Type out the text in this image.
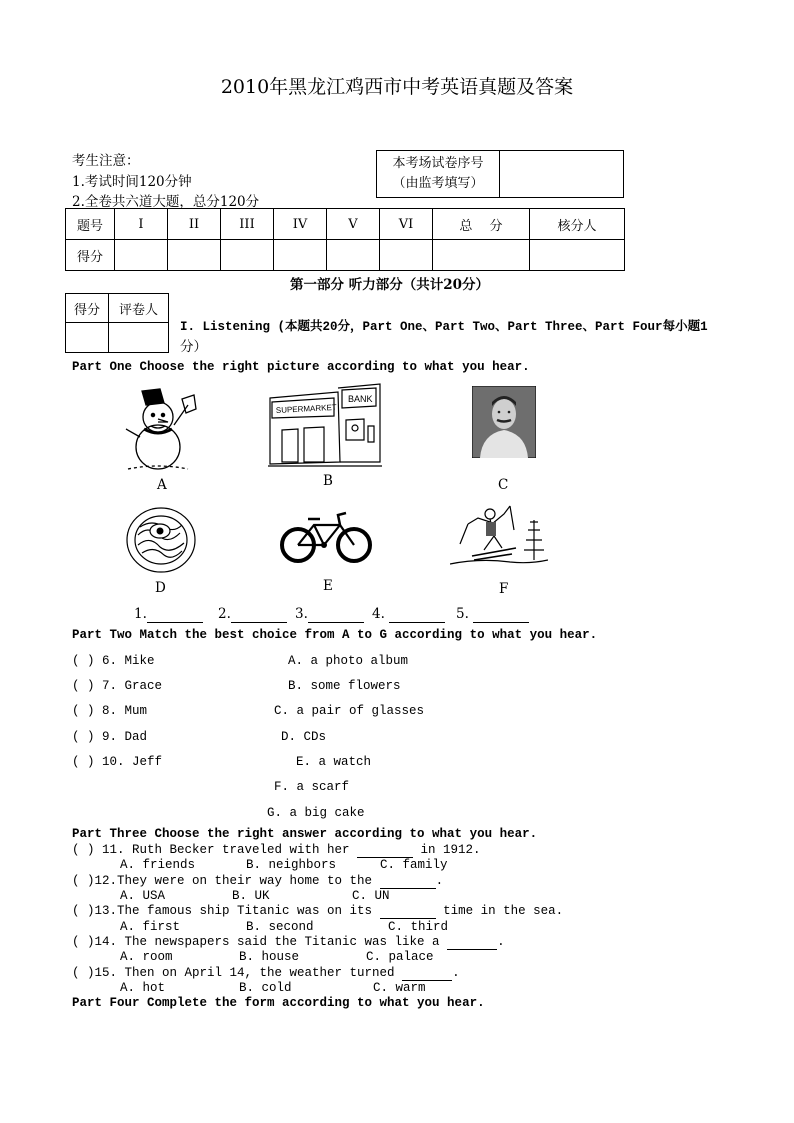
2010年黑龙江鸡西市中考英语真题及答案
考生注意：
1.考试时间120分钟
2.全卷共六道大题，总分120分
本考场试卷序号
（由监考填写）

题号	I	II	III	IV	V	VI	总　 分	核分人
得分								
第一部分 听力部分（共计20分）
得分	评卷人

I. Listening (本题共20分，Part One、Part Two、Part Three、Part Four每小题1
分）
Part One Choose the right picture according to what you hear.
A
SUPERMARKET
BANK
B	C
D	E	F
1.	2.	3.	4.	5.
Part Two Match the best choice from A to G according to what you hear.
( ) 6. Mike
( ) 7. Grace
( ) 8. Mum
( ) 9. Dad
( ) 10. Jeff
A. a photo album
B. some flowers
C. a pair of glasses
D. CDs
E. a watch
F. a scarf
G. a big cake
Part Three Choose the right answer according to what you hear.
( ) 11. Ruth Becker traveled with her	in 1912.
A. friends	B. neighbors	C. family
( )12.They were on their way home to the	.
A. USA	B. UK	C. UN
( )13.The famous ship Titanic was on its	time in the sea.
A. first	B. second	C. third
( )14. The newspapers said the Titanic was like a	.
A. room	B. house	C. palace
( )15. Then on April 14, the weather turned	.
A. hot	B. cold	C. warm
Part Four Complete the form according to what you hear.
